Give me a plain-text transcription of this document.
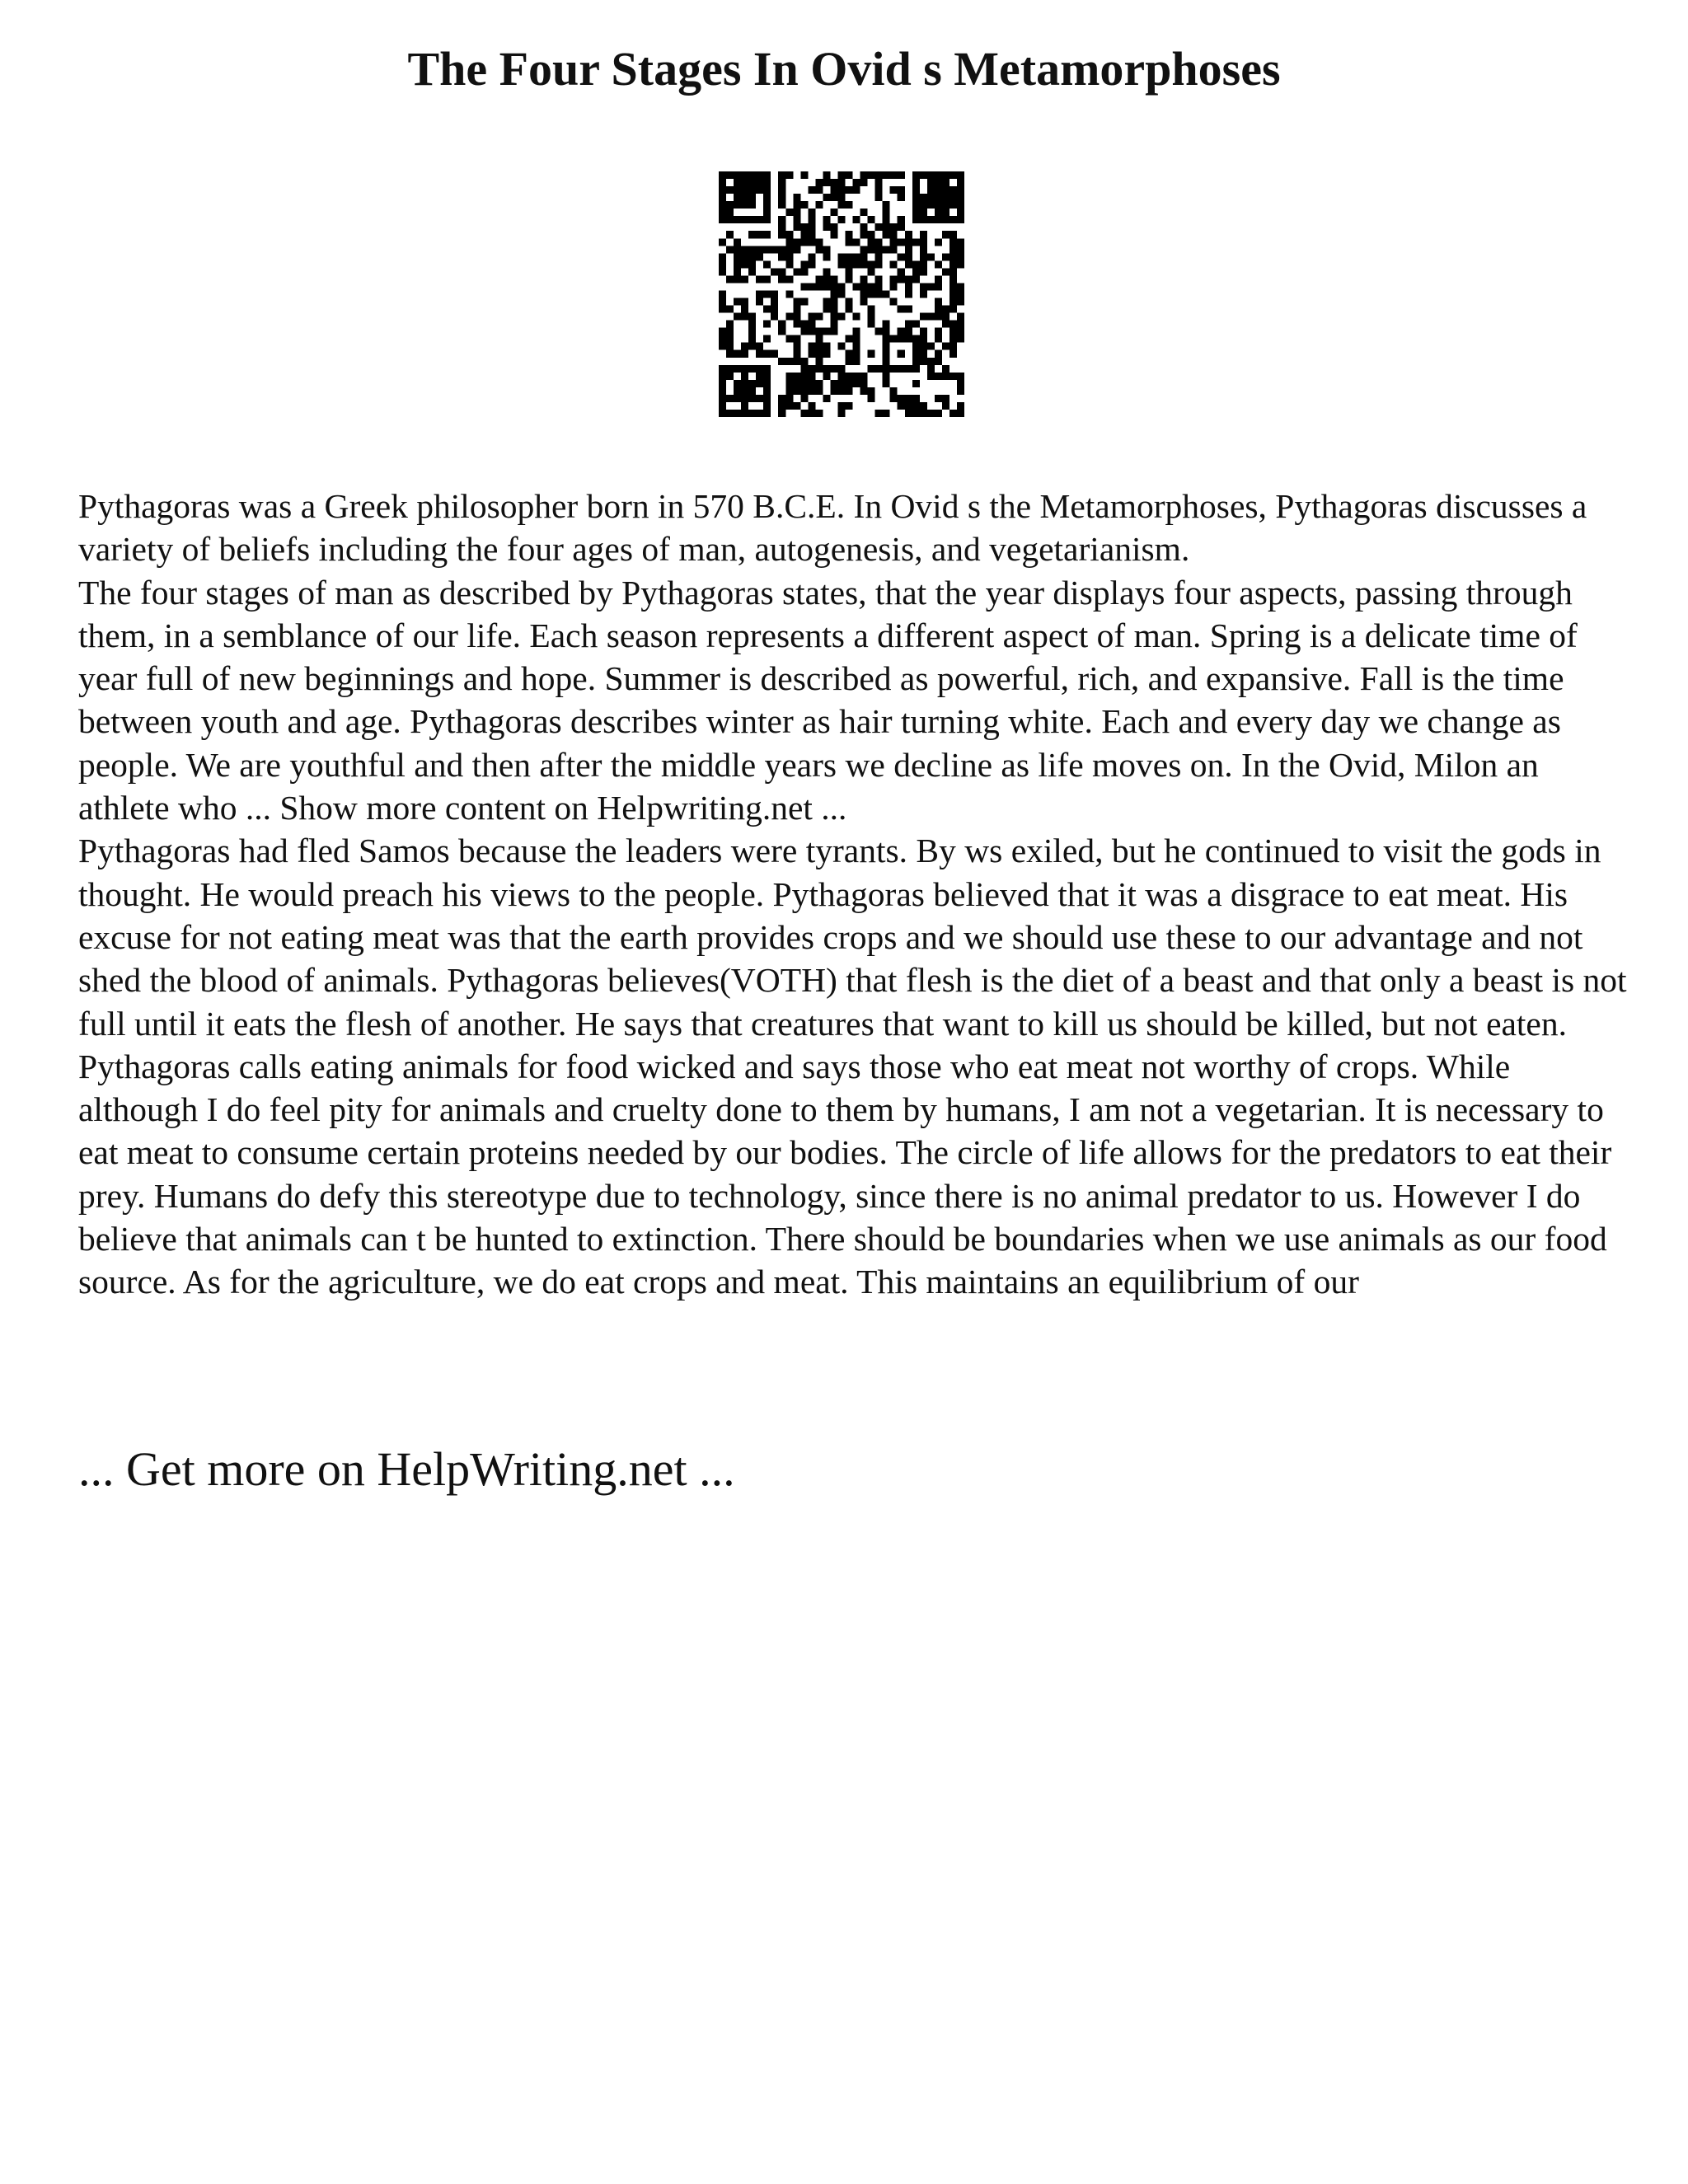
The Four Stages In Ovid s Metamorphoses

Pythagoras was a Greek philosopher born in 570 B.C.E. In Ovid s the Metamorphoses, Pythagoras discusses a variety of beliefs including the four ages of man, autogenesis, and vegetarianism.

The four stages of man as described by Pythagoras states, that the year displays four aspects, passing through them, in a semblance of our life. Each season represents a different aspect of man. Spring is a delicate time of year full of new beginnings and hope. Summer is described as powerful, rich, and expansive. Fall is the time between youth and age. Pythagoras describes winter as hair turning white. Each and every day we change as people. We are youthful and then after the middle years we decline as life moves on. In the Ovid, Milon an athlete who ... Show more content on Helpwriting.net ...

Pythagoras had fled Samos because the leaders were tyrants. By ws exiled, but he continued to visit the gods in thought. He would preach his views to the people. Pythagoras believed that it was a disgrace to eat meat. His excuse for not eating meat was that the earth provides crops and we should use these to our advantage and not shed the blood of animals. Pythagoras believes(VOTH) that flesh is the diet of a beast and that only a beast is not full until it eats the flesh of another. He says that creatures that want to kill us should be killed, but not eaten. Pythagoras calls eating animals for food wicked and says those who eat meat not worthy of crops. While although I do feel pity for animals and cruelty done to them by humans, I am not a vegetarian. It is necessary to eat meat to consume certain proteins needed by our bodies. The circle of life allows for the predators to eat their prey. Humans do defy this stereotype due to technology, since there is no animal predator to us. However I do believe that animals can t be hunted to extinction. There should be boundaries when we use animals as our food source. As for the agriculture, we do eat crops and meat. This maintains an equilibrium of our

... Get more on HelpWriting.net ...
